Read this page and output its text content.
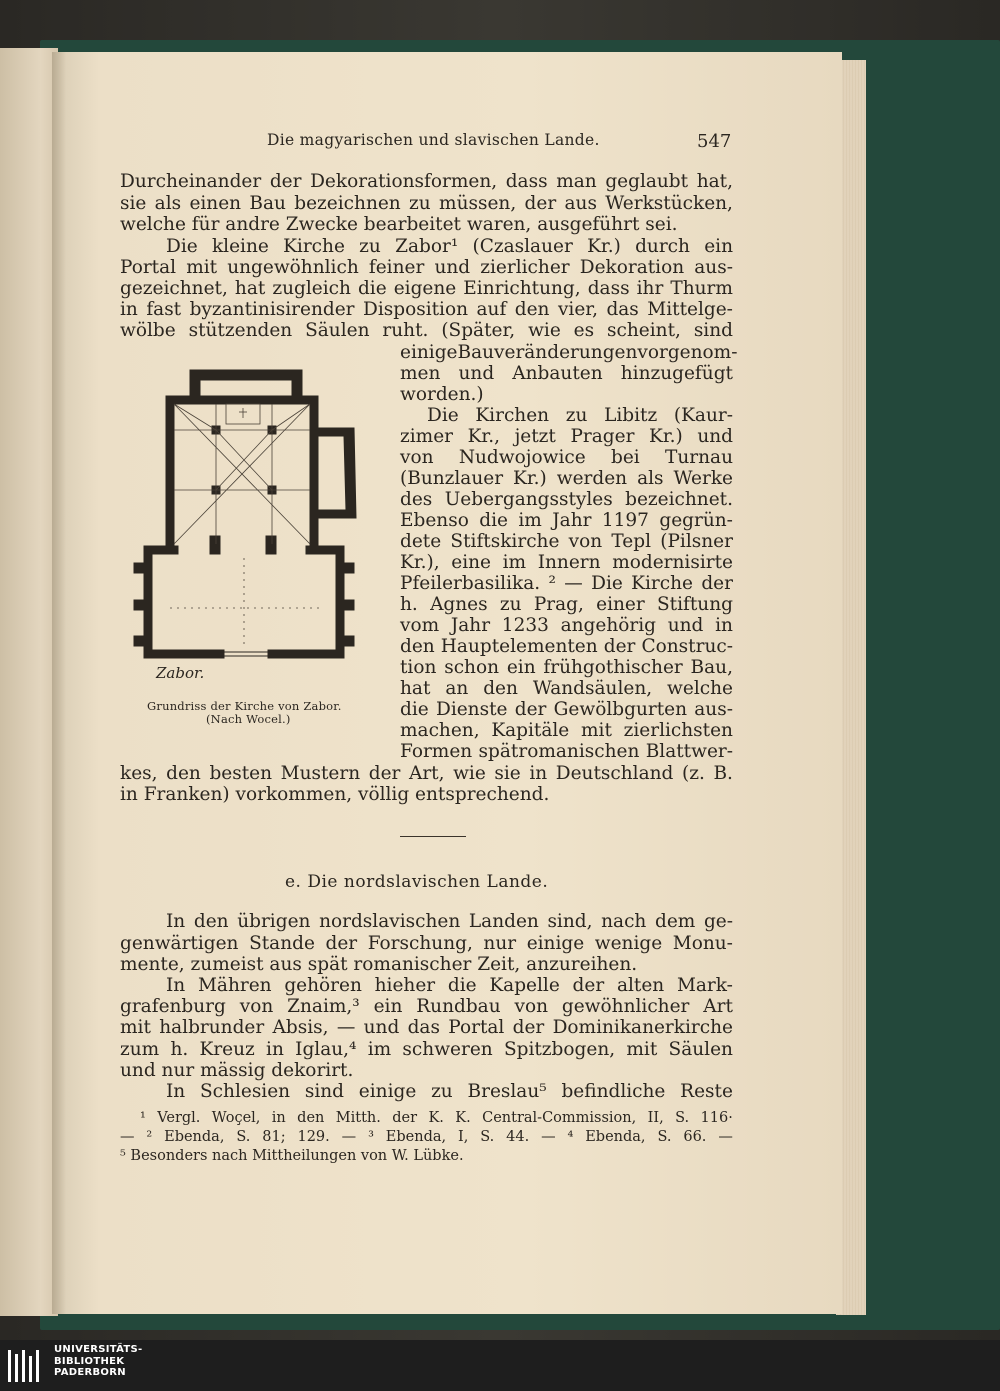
Die magyarischen und slavischen Lande.	547
Durcheinander der Dekorationsformen, dass man geglaubt hat,
sie als einen Bau bezeichnen zu müssen, der aus Werkstücken,
welche für andre Zwecke bearbeitet waren, ausgeführt sei.
Die kleine Kirche zu Zabor¹ (Czaslauer Kr.) durch ein
Portal mit ungewöhnlich feiner und zierlicher Dekoration aus-
gezeichnet, hat zugleich die eigene Einrichtung, dass ihr Thurm
in fast byzantinisirender Disposition auf den vier, das Mittelge-
wölbe stützenden Säulen ruht. (Später, wie es scheint, sind
einige Bauveränderungen vorgenom-
men und Anbauten hinzugefügt
worden.)
Die Kirchen zu Libitz (Kaur-
zimer Kr., jetzt Prager Kr.) und
von Nudwojowice bei Turnau
(Bunzlauer Kr.) werden als Werke
des Uebergangsstyles bezeichnet.
Ebenso die im Jahr 1197 gegrün-
dete Stiftskirche von Tepl (Pilsner
Kr.), eine im Innern modernisirte
Pfeilerbasilika. ² — Die Kirche der
h. Agnes zu Prag, einer Stiftung
vom Jahr 1233 angehörig und in
den Hauptelementen der Construc-
tion schon ein frühgothischer Bau,
hat an den Wandsäulen, welche
die Dienste der Gewölbgurten aus-
machen, Kapitäle mit zierlichsten
Formen spätromanischen Blattwer-
kes, den besten Mustern der Art, wie sie in Deutschland (z. B.
in Franken) vorkommen, völlig entsprechend.
Zabor.
Grundriss der Kirche von Zabor.
(Nach Wocel.)
e. Die nordslavischen Lande.
In den übrigen nordslavischen Landen sind, nach dem ge-
genwärtigen Stande der Forschung, nur einige wenige Monu-
mente, zumeist aus spät romanischer Zeit, anzureihen.
In Mähren gehören hieher die Kapelle der alten Mark-
grafenburg von Znaim,³ ein Rundbau von gewöhnlicher Art
mit halbrunder Absis, — und das Portal der Dominikanerkirche
zum h. Kreuz in Iglau,⁴ im schweren Spitzbogen, mit Säulen
und nur mässig dekorirt.
In Schlesien sind einige zu Breslau⁵ befindliche Reste
¹ Vergl. Woçel, in den Mitth. der K. K. Central-Commission, II, S. 116·
— ² Ebenda, S. 81; 129. — ³ Ebenda, I, S. 44. — ⁴ Ebenda, S. 66. —
⁵ Besonders nach Mittheilungen von W. Lübke.
UNIVERSITÄTS-
BIBLIOTHEK
PADERBORN
